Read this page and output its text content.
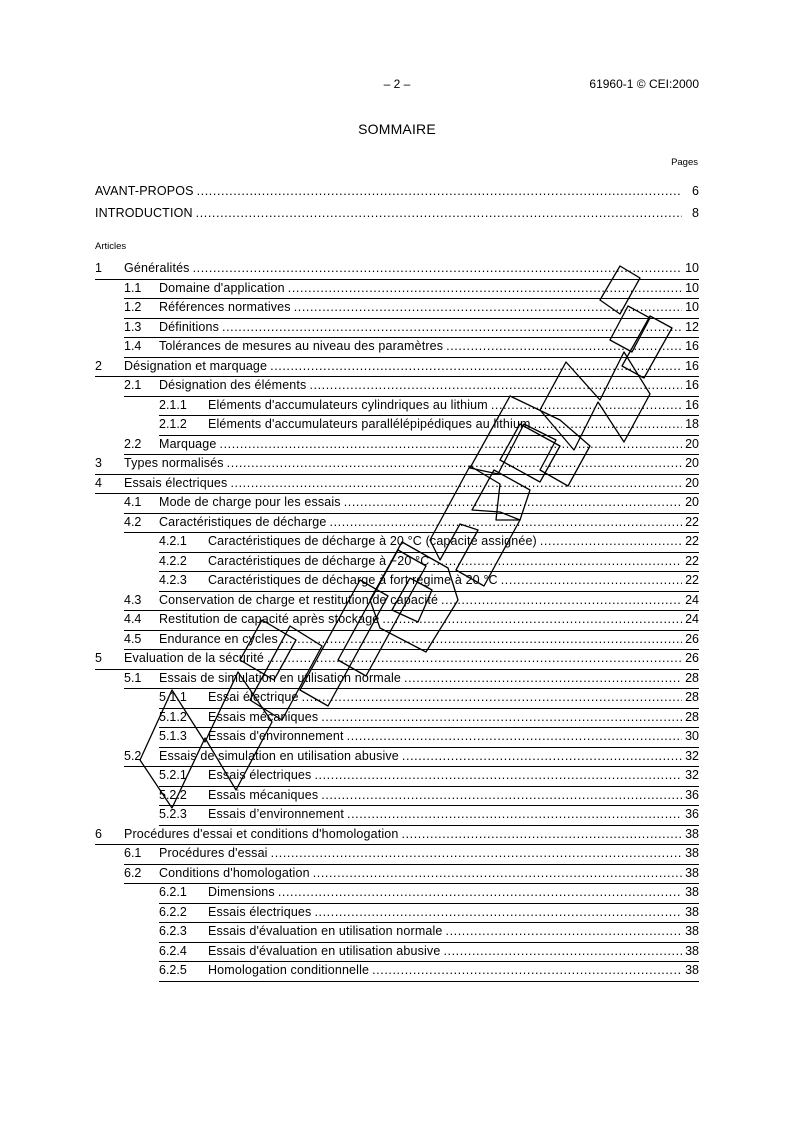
– 2 –	61960-1 © CEI:2000
SOMMAIRE
Pages
AVANT-PROPOS .....	6
INTRODUCTION .....	8
Articles
1	Généralités .....	10
1.1	Domaine d'application .....	10
1.2	Références normatives .....	10
1.3	Définitions .....	12
1.4	Tolérances de mesures au niveau des paramètres .....	16
2	Désignation et marquage .....	16
2.1	Désignation des éléments .....	16
2.1.1	Eléments d'accumulateurs cylindriques au lithium .....	16
2.1.2	Eléments d'accumulateurs parallélépipédiques au lithium .....	18
2.2	Marquage .....	20
3	Types normalisés .....	20
4	Essais électriques .....	20
4.1	Mode de charge pour les essais .....	20
4.2	Caractéristiques de décharge .....	22
4.2.1	Caractéristiques de décharge à 20 °C (capacité assignée) .....	22
4.2.2	Caractéristiques de décharge à −20 °C .....	22
4.2.3	Caractéristiques de décharge à fort régime à 20 °C .....	22
4.3	Conservation de charge et restitution de capacité .....	24
4.4	Restitution de capacité après stockage .....	24
4.5	Endurance en cycles .....	26
5	Evaluation de la sécurité .....	26
5.1	Essais de simulation en utilisation normale .....	28
5.1.1	Essai électrique .....	28
5.1.2	Essais mécaniques .....	28
5.1.3	Essais d'environnement .....	30
5.2	Essais de simulation en utilisation abusive .....	32
5.2.1	Essais électriques .....	32
5.2.2	Essais mécaniques .....	36
5.2.3	Essais d’environnement .....	36
6	Procédures d'essai et conditions d'homologation .....	38
6.1	Procédures d'essai .....	38
6.2	Conditions d'homologation .....	38
6.2.1	Dimensions .....	38
6.2.2	Essais électriques .....	38
6.2.3	Essais d'évaluation en utilisation normale .....	38
6.2.4	Essais d'évaluation en utilisation abusive .....	38
6.2.5	Homologation conditionnelle .....	38
